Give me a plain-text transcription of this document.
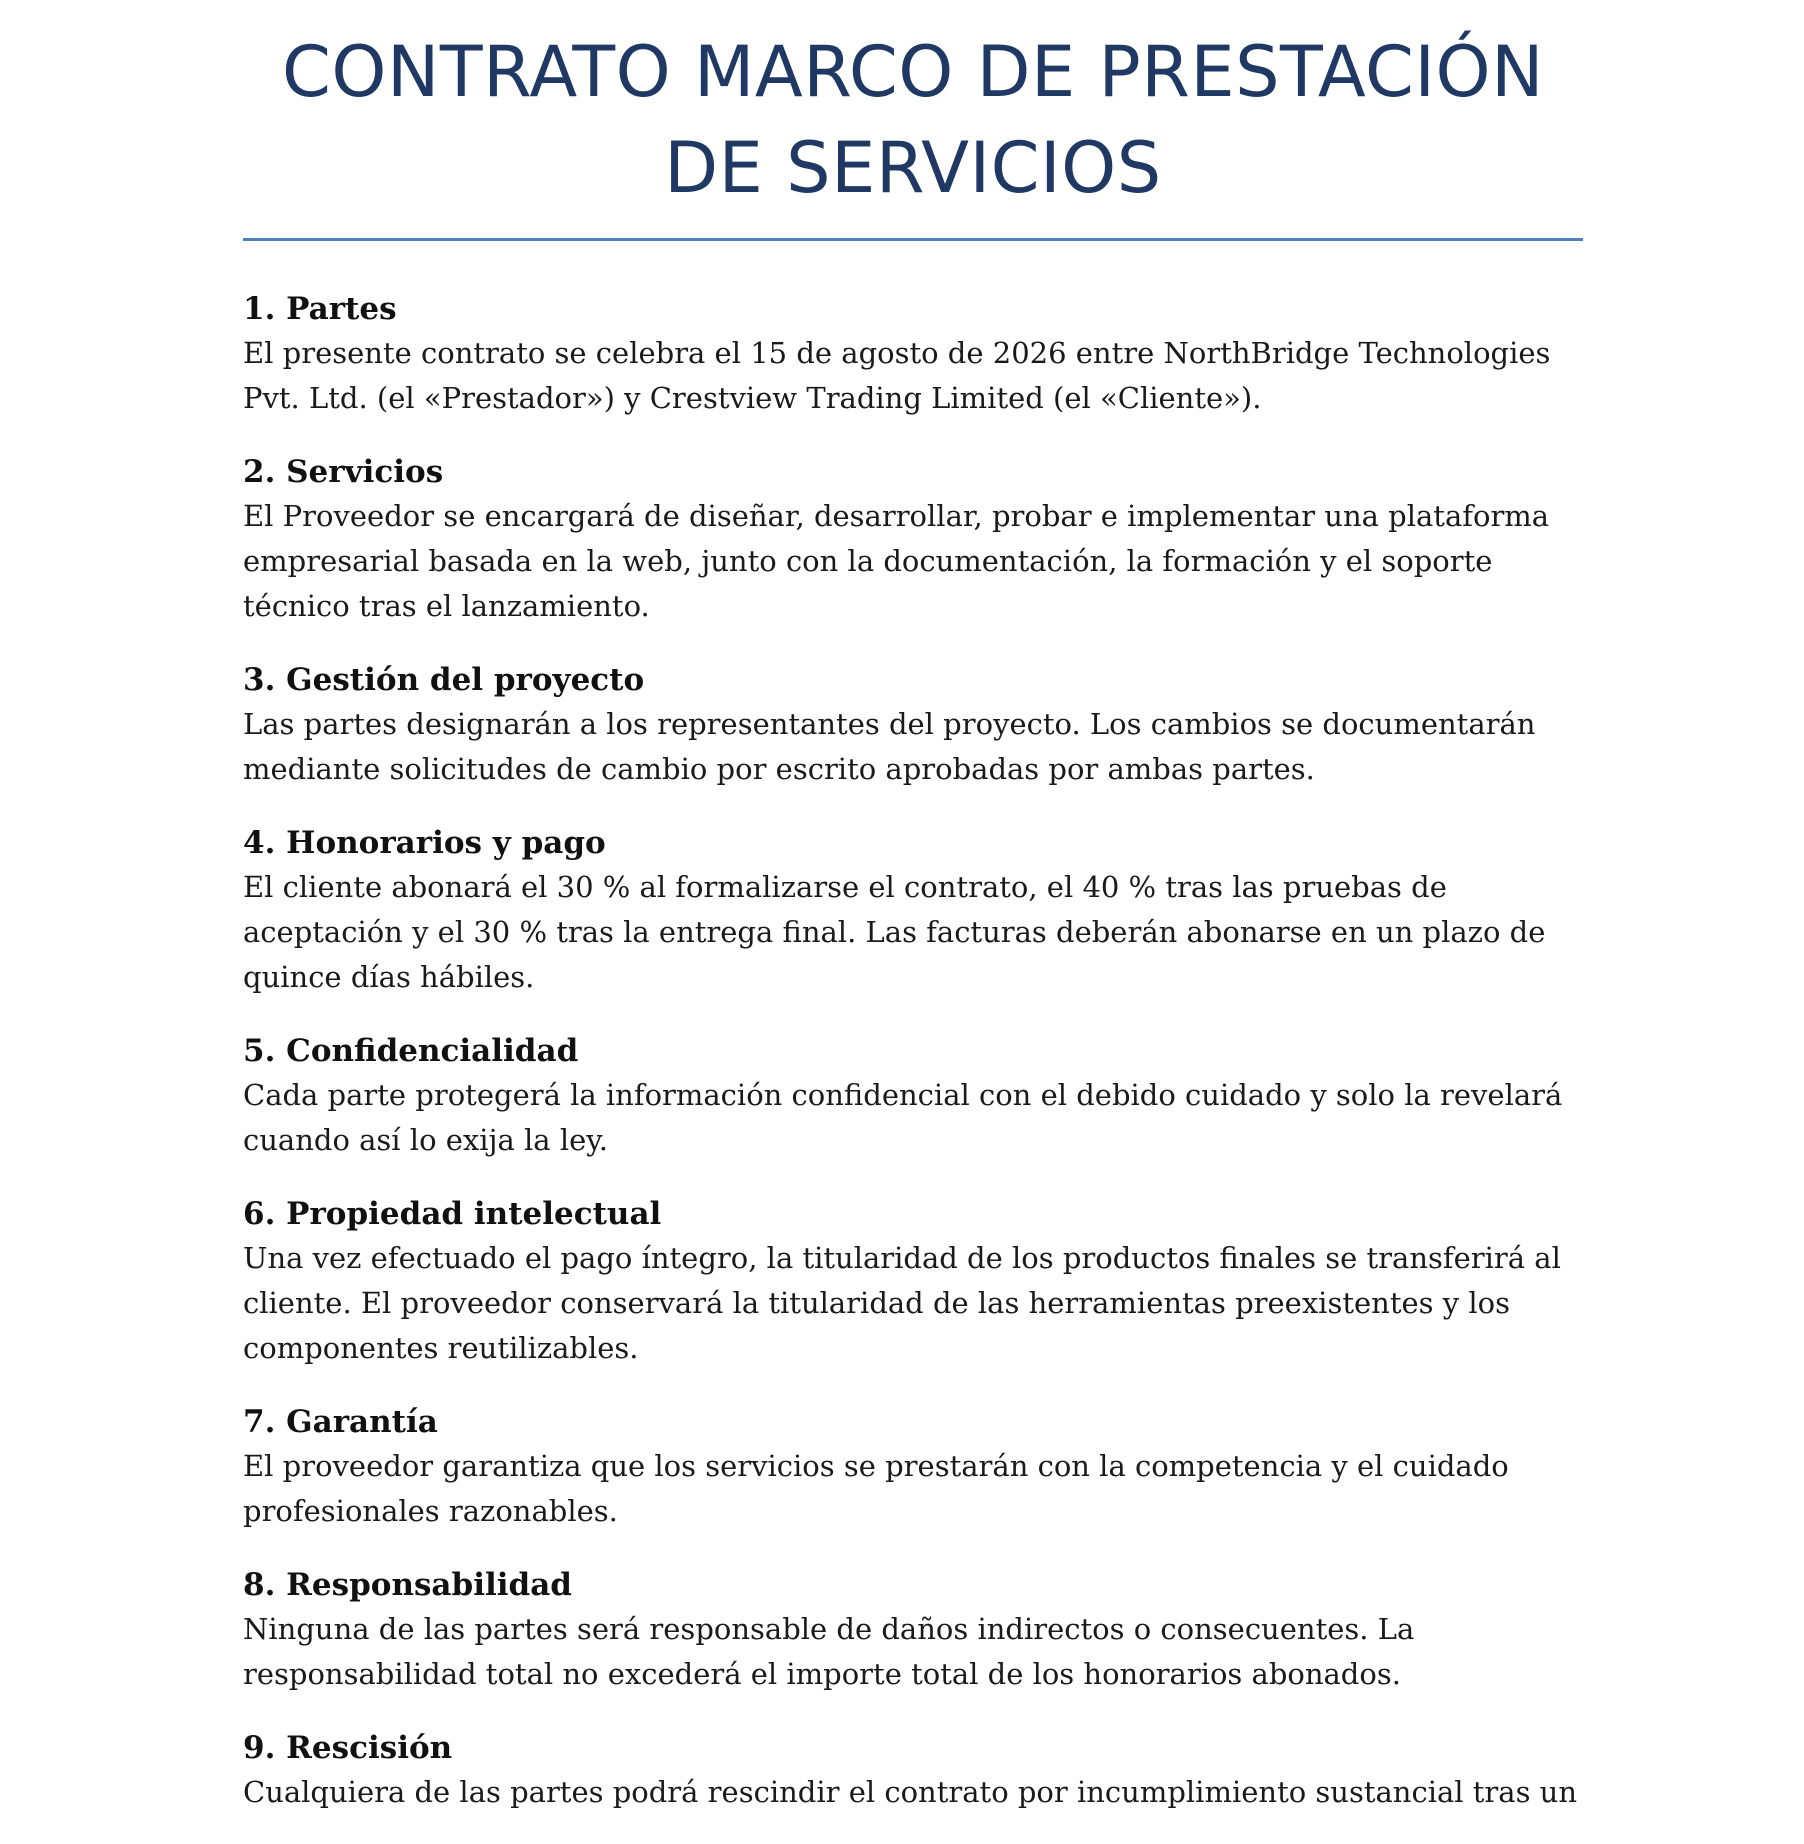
CONTRATO MARCO DE PRESTACIÓN DE SERVICIOS

1. Partes

El presente contrato se celebra el 15 de agosto de 2026 entre NorthBridge Technologies Pvt. Ltd. (el «Prestador») y Crestview Trading Limited (el «Cliente»).

2. Servicios

El Proveedor se encargará de diseñar, desarrollar, probar e implementar una plataforma empresarial basada en la web, junto con la documentación, la formación y el soporte técnico tras el lanzamiento.

3. Gestión del proyecto

Las partes designarán a los representantes del proyecto. Los cambios se documentarán mediante solicitudes de cambio por escrito aprobadas por ambas partes.

4. Honorarios y pago

El cliente abonará el 30 % al formalizarse el contrato, el 40 % tras las pruebas de aceptación y el 30 % tras la entrega final. Las facturas deberán abonarse en un plazo de quince días hábiles.

5. Confidencialidad

Cada parte protegerá la información confidencial con el debido cuidado y solo la revelará cuando así lo exija la ley.

6. Propiedad intelectual

Una vez efectuado el pago íntegro, la titularidad de los productos finales se transferirá al cliente. El proveedor conservará la titularidad de las herramientas preexistentes y los componentes reutilizables.

7. Garantía

El proveedor garantiza que los servicios se prestarán con la competencia y el cuidado profesionales razonables.

8. Responsabilidad

Ninguna de las partes será responsable de daños indirectos o consecuentes. La responsabilidad total no excederá el importe total de los honorarios abonados.

9. Rescisión

Cualquiera de las partes podrá rescindir el contrato por incumplimiento sustancial tras un
